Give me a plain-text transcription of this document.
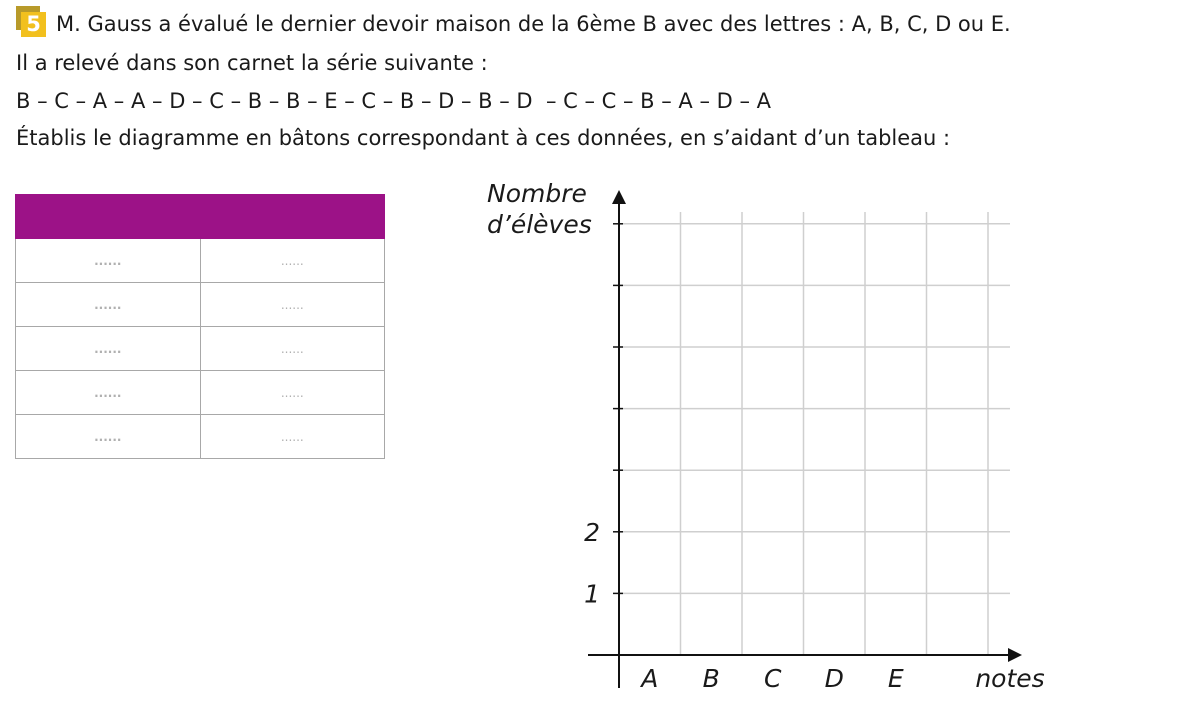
5 M. Gauss a évalué le dernier devoir maison de la 6ème B avec des lettres : A, B, C, D ou E.
Il a relevé dans son carnet la série suivante :
B – C – A – A – D – C – B – B – E – C – B – D – B – D  – C – C – B – A – D – A
Établis le diagramme en bâtons correspondant à ces données, en s’aidant d’un tableau :

......	......
......	......
......	......
......	......
......	......
Nombre
d’élèves
notes
A B C D E
1
2
